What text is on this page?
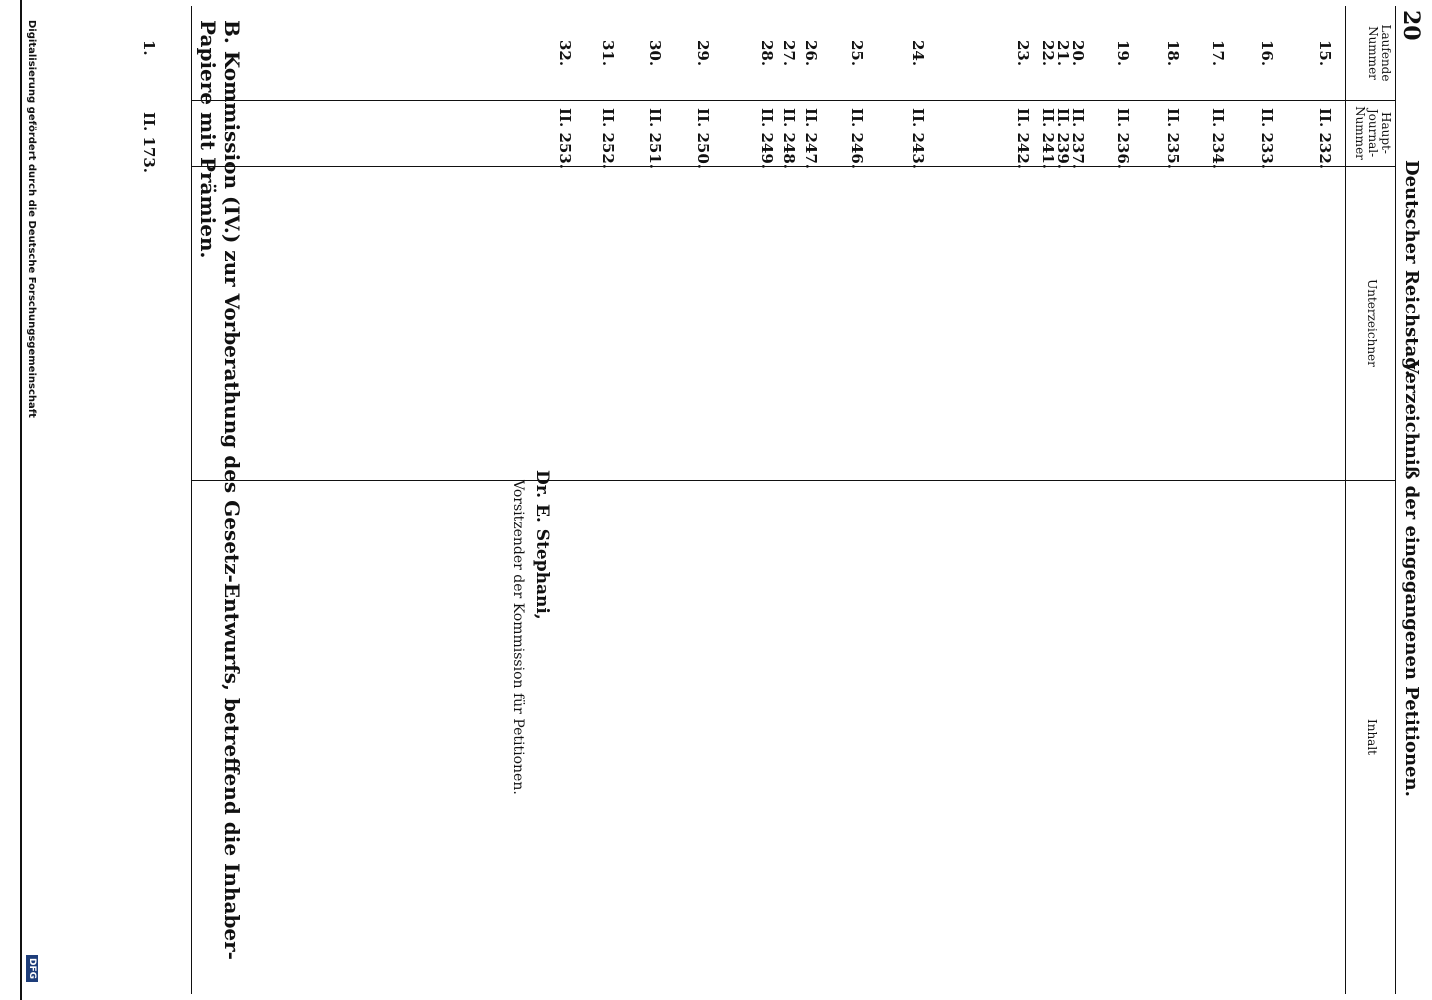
20
Deutscher Reichstag.
Verzeichniß der eingegangenen Petitionen.
Laufende Nummer
Haupt-Journal-Nummer
Unterzeichner
Inhalt
15.
II. 232.
16.
II. 233.
17.
II. 234.
18.
II. 235.
19.
II. 236.
20.
II. 237.
21.
II. 239.
22.
II. 241.
23.
II. 242.
24.
II. 243.
25.
II. 246.
26.
II. 247.
27.
II. 248.
28.
II. 249.
29.
II. 250.
30.
II. 251.
31.
II. 252.
32.
II. 253.
Dr. E. Stephani,
Vorsitzender der Kommission für Petitionen.
B. Kommission (IV.) zur Vorberathung des Gesetz-Entwurfs, betreffend die Inhaber-Papiere mit Prämien.
1.
II. 173.
Digitalisierung gefördert durch die Deutsche Forschungsgemeinschaft
DFG
